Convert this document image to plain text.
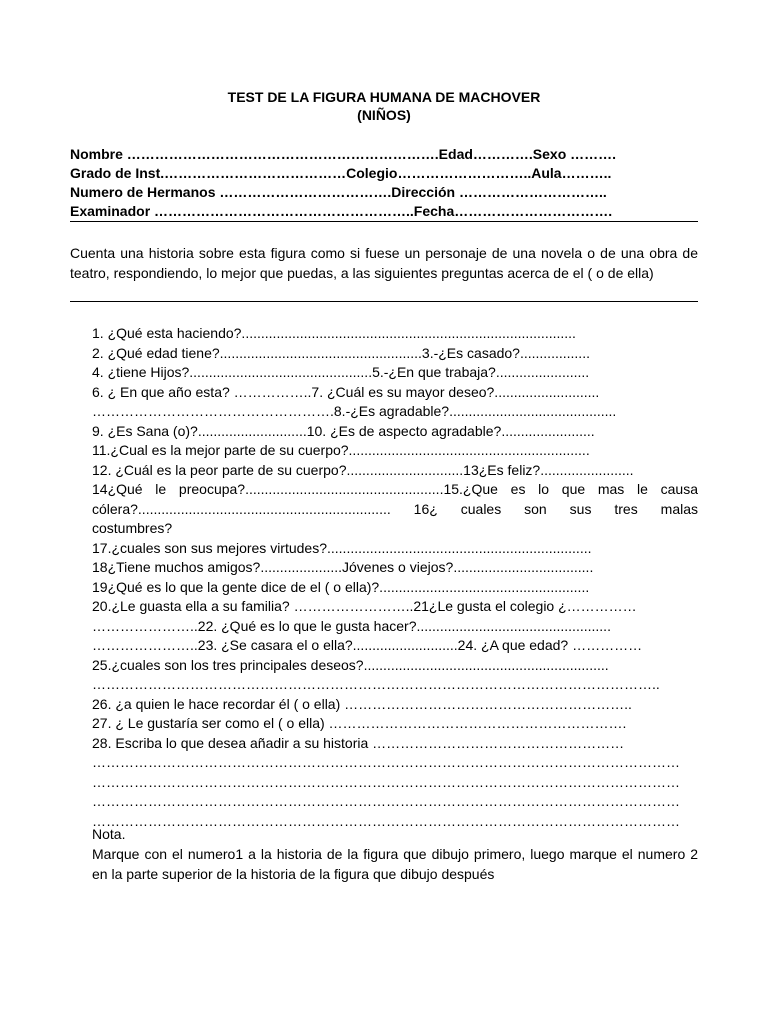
TEST DE LA FIGURA HUMANA DE MACHOVER
(NIÑOS)
Nombre ………………………………………………………….Edad………….Sexo ……….
Grado de Inst.…………………………………Colegio………………………..Aula………..
Numero de Hermanos ……………………………….Dirección …………………………..
Examinador ………………………………………………..Fecha…………………………….
Cuenta una historia sobre esta figura como si fuese un personaje de una novela o de una obra de teatro, respondiendo, lo mejor que puedas, a las siguientes preguntas acerca de el ( o de ella)
1. ¿Qué esta haciendo?......................................................................................
2. ¿Qué edad tiene?....................................................3.-¿Es casado?..................
4. ¿tiene Hijos?...............................................5.-¿En que trabaja?........................
6. ¿ En que año esta? ……………..7. ¿Cuál es su mayor deseo?...........................
…………………………………………….8.-¿Es agradable?...........................................
9. ¿Es Sana (o)?............................10. ¿Es de aspecto agradable?........................
11.¿Cual es la mejor parte de su cuerpo?..............................................................
12. ¿Cuál es la peor parte de su cuerpo?..............................13¿Es feliz?........................
14¿Qué le preocupa?...................................................15.¿Que es lo que mas le causa
cólera?................................................................. 16¿ cuales son sus tres malas
costumbres?
17.¿cuales son sus mejores virtudes?....................................................................
18¿Tiene muchos amigos?.....................Jóvenes o viejos?....................................
19¿Qué es lo que la gente dice de el ( o ella)?......................................................
20.¿Le guasta ella a su familia? ……………………..21¿Le gusta el colegio ¿……………
…………………..22. ¿Qué es lo que le gusta hacer?..................................................
…………………..23. ¿Se casara el o ella?...........................24. ¿A que edad? ……………
25.¿cuales son los tres principales deseos?...............................................................
…………………………………………………………………………………………………………..
26. ¿a quien le hace recordar él ( o ella) ……………………………………………………..
27. ¿ Le gustaría ser como el ( o ella) ……………………………………………………….
28. Escriba lo que desea añadir a su historia ………………………………………………
………………………………………………………………………………………………………………
………………………………………………………………………………………………………………
………………………………………………………………………………………………………………
………………………………………………………………………………………………………………
Nota.
Marque con el numero1 a la historia de la figura que dibujo primero, luego marque el numero 2 en la parte superior de la historia de la figura que dibujo después
